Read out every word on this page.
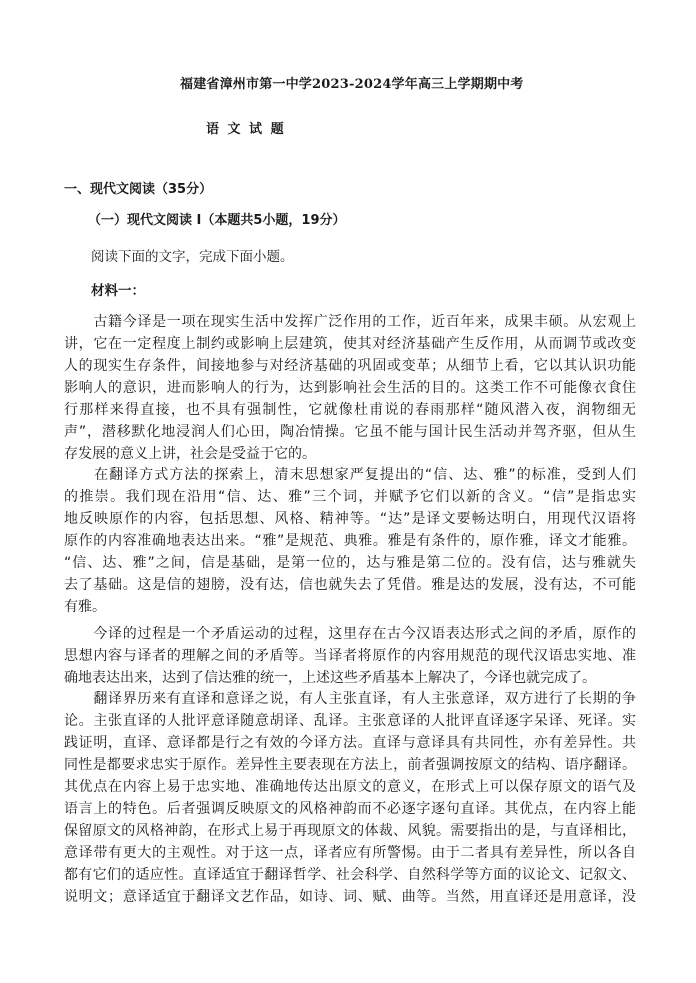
福建省漳州市第一中学2023-2024学年高三上学期期中考
语 文 试 题
一、现代文阅读（35分）
（一）现代文阅读 I（本题共5小题，19分）
阅读下面的文字，完成下面小题。
材料一：
　　古籍今译是一项在现实生活中发挥广泛作用的工作，近百年来，成果丰硕。从宏观上
讲，它在一定程度上制约或影响上层建筑，使其对经济基础产生反作用，从而调节或改变
人的现实生存条件，间接地参与对经济基础的巩固或变革；从细节上看，它以其认识功能
影响人的意识，进而影响人的行为，达到影响社会生活的目的。这类工作不可能像衣食住
行那样来得直接，也不具有强制性，它就像杜甫说的春雨那样“随风潜入夜，润物细无
声”，潜移默化地浸润人们心田，陶冶情操。它虽不能与国计民生活动并驾齐驱，但从生
存发展的意义上讲，社会是受益于它的。
　　在翻译方式方法的探索上，清末思想家严复提出的“信、达、雅”的标准，受到人们
的推崇。我们现在沿用“信、达、雅”三个词，并赋予它们以新的含义。“信”是指忠实
地反映原作的内容，包括思想、风格、精神等。“达”是译文要畅达明白，用现代汉语将
原作的内容准确地表达出来。“雅”是规范、典雅。雅是有条件的，原作雅，译文才能雅。
“信、达、雅”之间，信是基础，是第一位的，达与雅是第二位的。没有信，达与雅就失
去了基础。这是信的翅膀，没有达，信也就失去了凭借。雅是达的发展，没有达，不可能
有雅。
　　今译的过程是一个矛盾运动的过程，这里存在古今汉语表达形式之间的矛盾，原作的
思想内容与译者的理解之间的矛盾等。当译者将原作的内容用规范的现代汉语忠实地、准
确地表达出来，达到了信达雅的统一，上述这些矛盾基本上解决了，今译也就完成了。
　　翻译界历来有直译和意译之说，有人主张直译，有人主张意译，双方进行了长期的争
论。主张直译的人批评意译随意胡译、乱译。主张意译的人批评直译逐字呆译、死译。实
践证明，直译、意译都是行之有效的今译方法。直译与意译具有共同性，亦有差异性。共
同性是都要求忠实于原作。差异性主要表现在方法上，前者强调按原文的结构、语序翻译。
其优点在内容上易于忠实地、准确地传达出原文的意义，在形式上可以保存原文的语气及
语言上的特色。后者强调反映原文的风格神韵而不必逐字逐句直译。其优点，在内容上能
保留原文的风格神韵，在形式上易于再现原文的体裁、风貌。需要指出的是，与直译相比，
意译带有更大的主观性。对于这一点，译者应有所警惕。由于二者具有差异性，所以各自
都有它们的适应性。直译适宜于翻译哲学、社会科学、自然科学等方面的议论文、记叙文、
说明文；意译适宜于翻译文艺作品，如诗、词、赋、曲等。当然，用直译还是用意译，没
